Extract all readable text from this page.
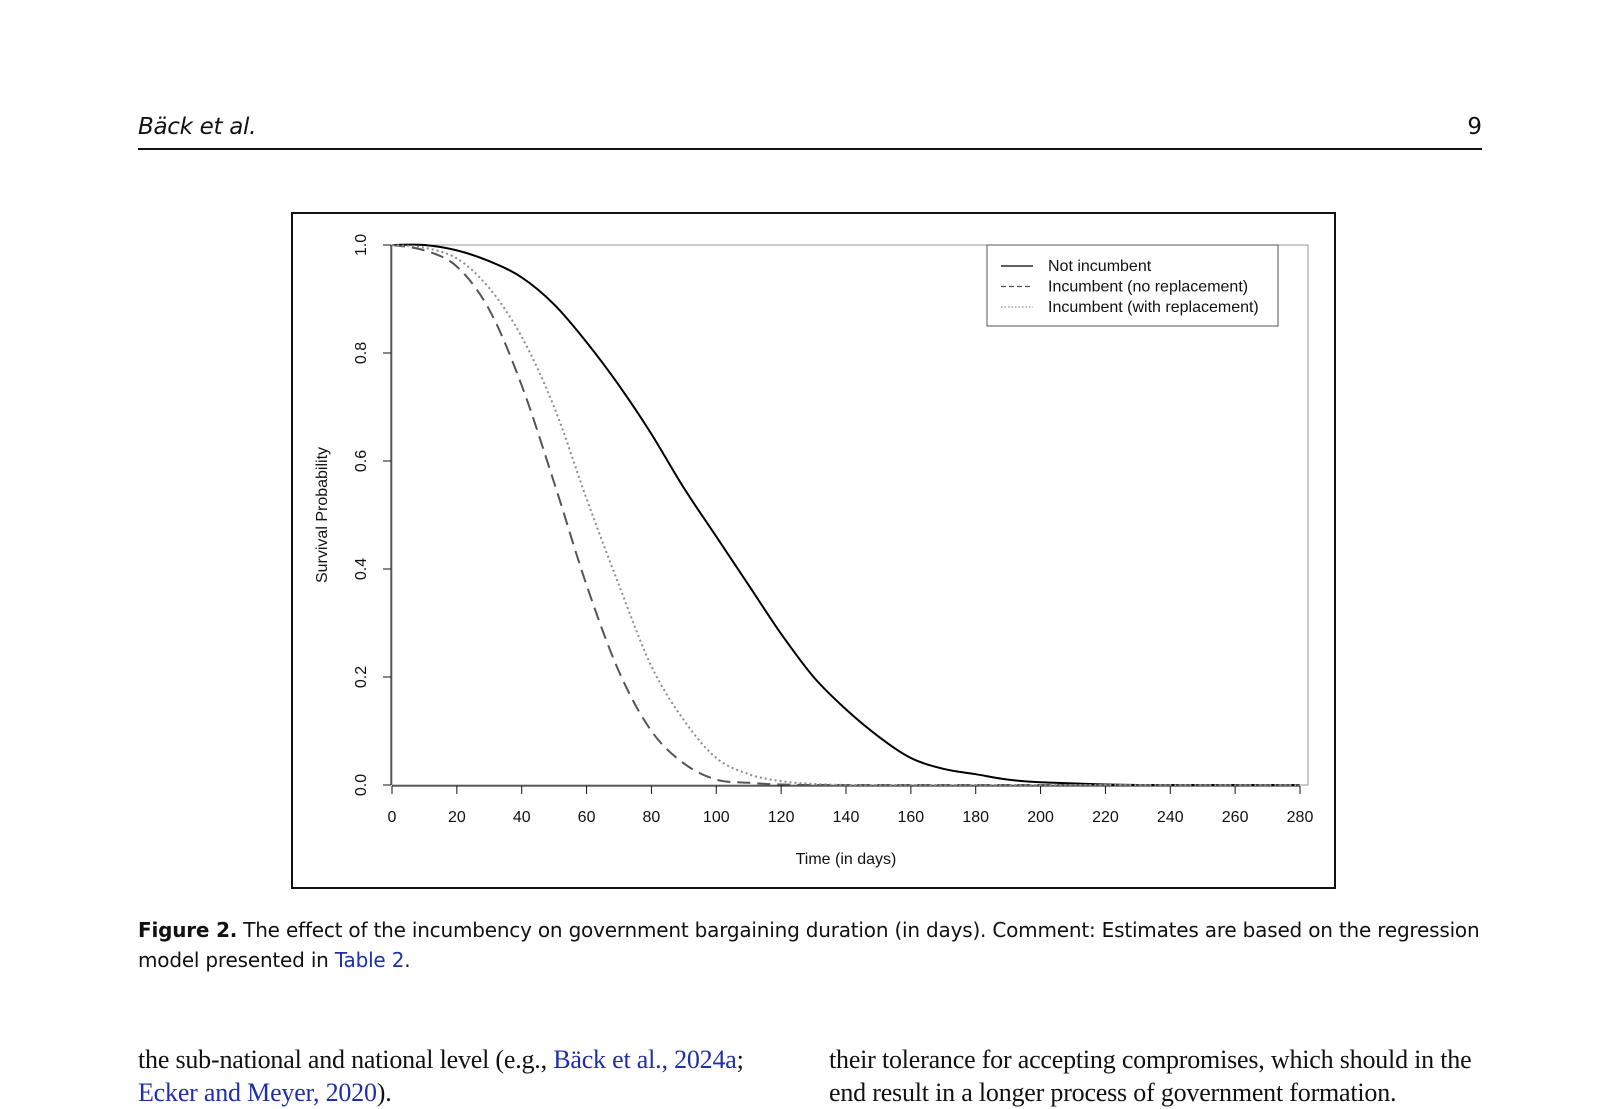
Bäck et al.	9
0	20	40	60	80	100 120 140 160 180 200 220 240 260 280
0.0
0.2
0.4
0.6
0.8
1.0
Time (in days)
Survival Probability
Not incumbent
Incumbent (no replacement)
Incumbent (with replacement)
Figure 2. The effect of the incumbency on government bargaining duration (in days). Comment: Estimates are based on the regression model presented in Table 2.
the sub-national and national level (e.g., Bäck et al., 2024a; Ecker and Meyer, 2020).
their tolerance for accepting compromises, which should in the end result in a longer process of government formation.
